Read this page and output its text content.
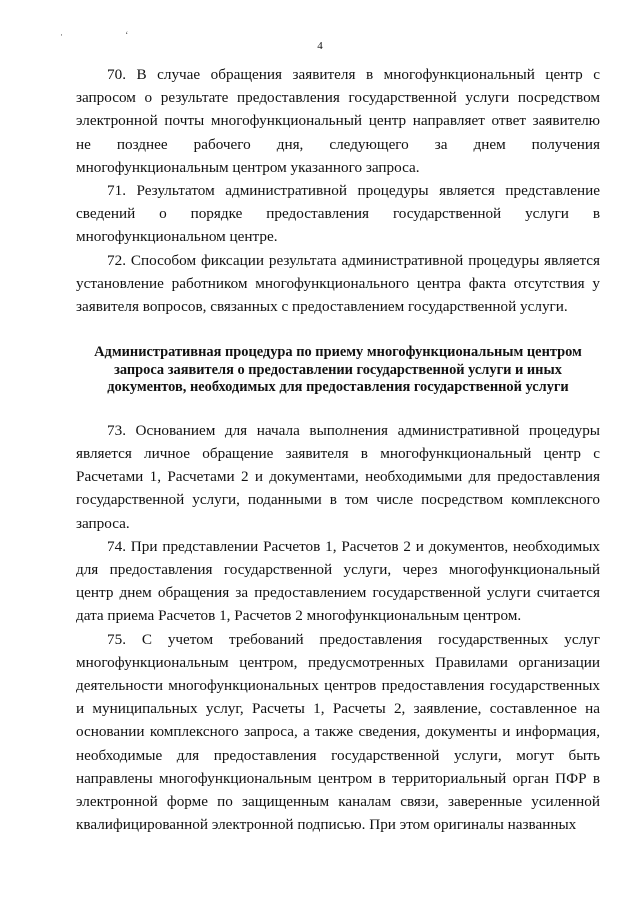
· ‘
4

70. В случае обращения заявителя в многофункциональный центр с запросом о результате предоставления государственной услуги посредством электронной почты многофункциональный центр направляет ответ заявителю не позднее рабочего дня, следующего за днем получения многофункциональным центром указанного запроса.

71. Результатом административной процедуры является представление сведений о порядке предоставления государственной услуги в многофункциональном центре.

72. Способом фиксации результата административной процедуры является установление работником многофункционального центра факта отсутствия у заявителя вопросов, связанных с предоставлением государственной услуги.

Административная процедура по приему многофункциональным центром запроса заявителя о предоставлении государственной услуги и иных документов, необходимых для предоставления государственной услуги

73. Основанием для начала выполнения административной процедуры является личное обращение заявителя в многофункциональный центр с Расчетами 1, Расчетами 2 и документами, необходимыми для предоставления государственной услуги, поданными в том числе посредством комплексного запроса.

74. При представлении Расчетов 1, Расчетов 2 и документов, необходимых для предоставления государственной услуги, через многофункциональный центр днем обращения за предоставлением государственной услуги считается дата приема Расчетов 1, Расчетов 2 многофункциональным центром.

75. С учетом требований предоставления государственных услуг многофункциональным центром, предусмотренных Правилами организации деятельности многофункциональных центров предоставления государственных и муниципальных услуг, Расчеты 1, Расчеты 2, заявление, составленное на основании комплексного запроса, а также сведения, документы и информация, необходимые для предоставления государственной услуги, могут быть направлены многофункциональным центром в территориальный орган ПФР в электронной форме по защищенным каналам связи, заверенные усиленной квалифицированной электронной подписью. При этом оригиналы названных
